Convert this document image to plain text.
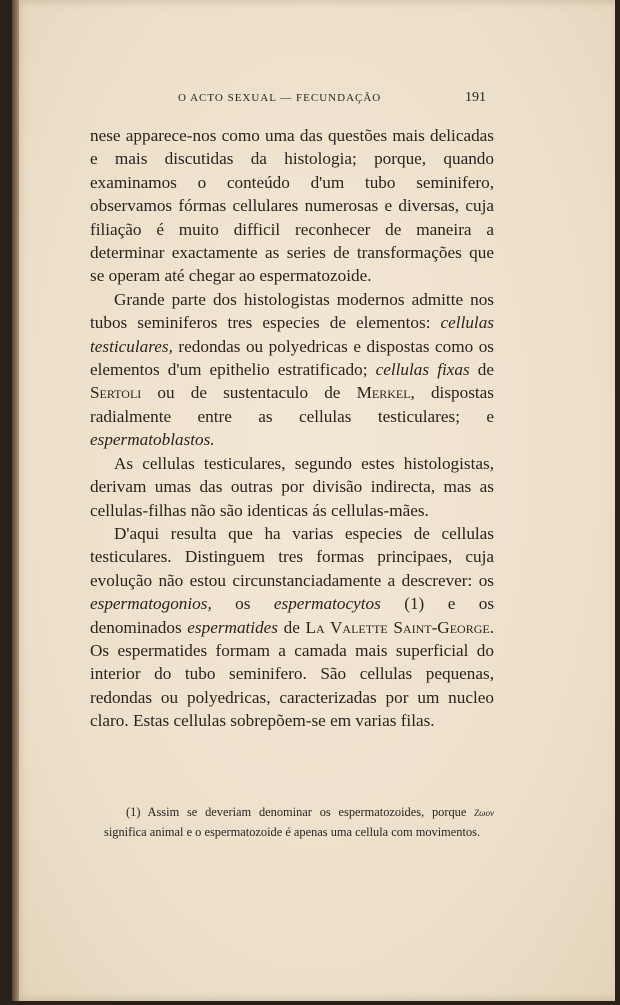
O ACTO SEXUAL — FECUNDAÇÃO	191

nese apparece-nos como uma das questões mais delicadas e mais discutidas da histologia; porque, quando examinamos o conteúdo d'um tubo seminifero, observamos fórmas cellulares numerosas e diversas, cuja filiação é muito difficil reconhecer de maneira a determinar exactamente as series de transformações que se operam até chegar ao espermatozoide.

Grande parte dos histologistas modernos admitte nos tubos seminiferos tres especies de elementos: cellulas testiculares, redondas ou polyedricas e dispostas como os elementos d'um epithelio estratificado; cellulas fixas de Sertoli ou de sustentaculo de Merkel, dispostas radialmente entre as cellulas testiculares; e espermatoblastos.

As cellulas testiculares, segundo estes histologistas, derivam umas das outras por divisão indirecta, mas as cellulas-filhas não são identicas ás cellulas-mães.

D'aqui resulta que ha varias especies de cellulas testiculares. Distinguem tres formas principaes, cuja evolução não estou circunstanciadamente a descrever: os espermatogonios, os espermatocytos (1) e os denominados espermatides de La Valette Saint-George. Os espermatides formam a camada mais superficial do interior do tubo seminifero. São cellulas pequenas, redondas ou polyedricas, caracterizadas por um nucleo claro. Estas cellulas sobrepõem-se em varias filas.

(1) Assim se deveriam denominar os espermatozoides, porque Ζωον significa animal e o espermatozoide é apenas uma cellula com movimentos.
